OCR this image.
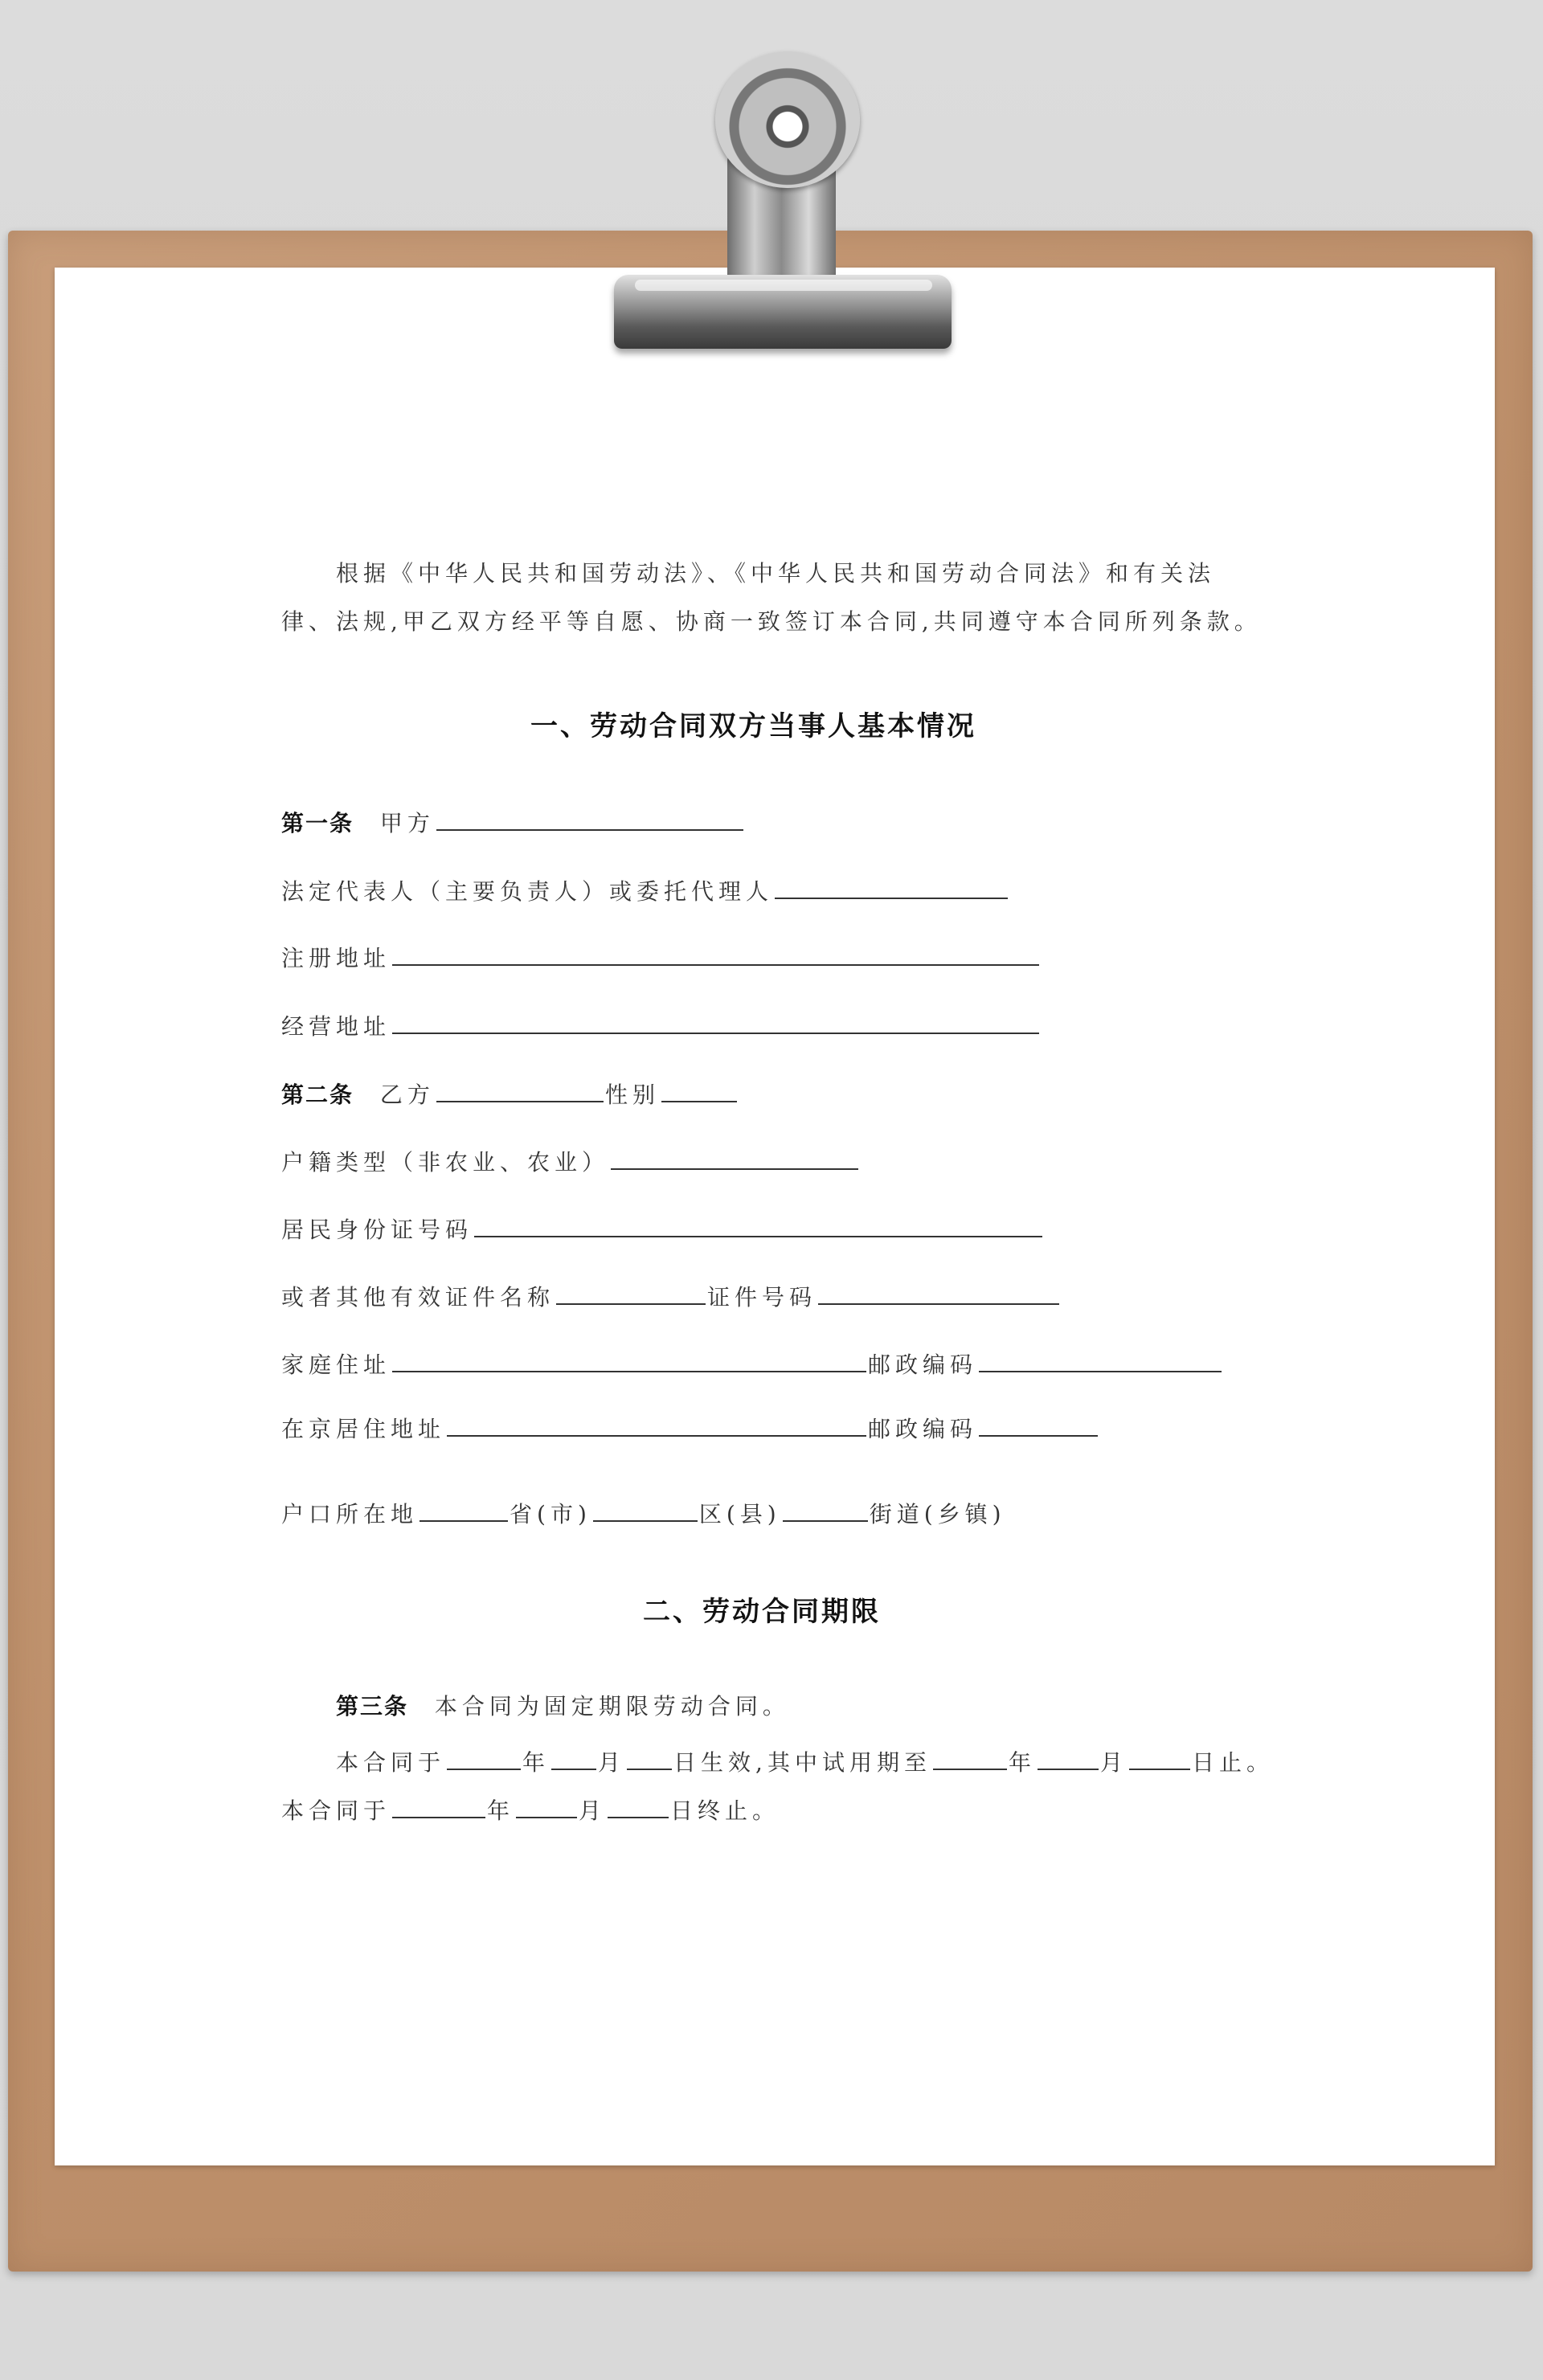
根据《中华人民共和国劳动法》、《中华人民共和国劳动合同法》和有关法
律、法规,甲乙双方经平等自愿、协商一致签订本合同,共同遵守本合同所列条款。
一、劳动合同双方当事人基本情况
第一条 甲方
法定代表人（主要负责人）或委托代理人
注册地址
经营地址
第二条 乙方	性别
户籍类型（非农业、农业）
居民身份证号码
或者其他有效证件名称	证件号码
家庭住址	邮政编码
在京居住地址	邮政编码
户口所在地	省(市)	区(县)	街道(乡镇)
二、劳动合同期限
第三条 本合同为固定期限劳动合同。
本合同于	年 月 日生效,其中试用期至	年	月	日止。
本合同于	年	月	日终止。
